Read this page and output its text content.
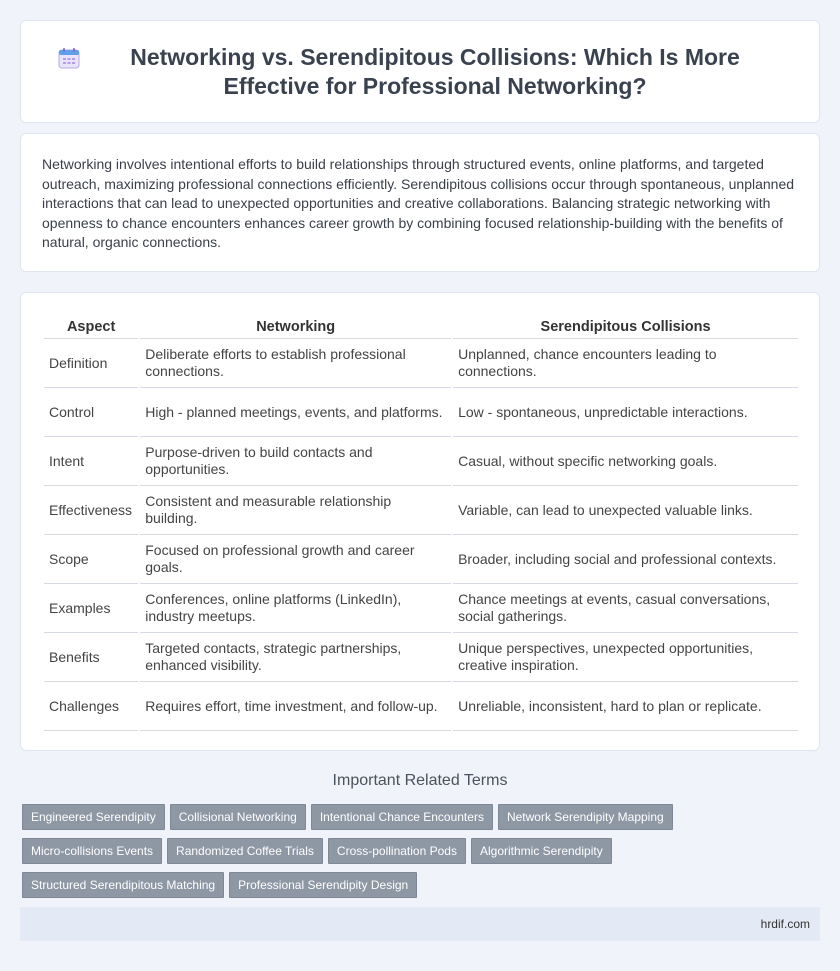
Networking vs. Serendipitous Collisions: Which Is More Effective for Professional Networking?

Networking involves intentional efforts to build relationships through structured events, online platforms, and targeted outreach, maximizing professional connections efficiently. Serendipitous collisions occur through spontaneous, unplanned interactions that can lead to unexpected opportunities and creative collaborations. Balancing strategic networking with openness to chance encounters enhances career growth by combining focused relationship-building with the benefits of natural, organic connections.

Aspect	Networking	Serendipitous Collisions
Definition	Deliberate efforts to establish professional connections.	Unplanned, chance encounters leading to connections.
Control	High - planned meetings, events, and platforms.	Low - spontaneous, unpredictable interactions.
Intent	Purpose-driven to build contacts and opportunities.	Casual, without specific networking goals.
Effectiveness	Consistent and measurable relationship building.	Variable, can lead to unexpected valuable links.
Scope	Focused on professional growth and career goals.	Broader, including social and professional contexts.
Examples	Conferences, online platforms (LinkedIn), industry meetups.	Chance meetings at events, casual conversations, social gatherings.
Benefits	Targeted contacts, strategic partnerships, enhanced visibility.	Unique perspectives, unexpected opportunities, creative inspiration.
Challenges	Requires effort, time investment, and follow-up.	Unreliable, inconsistent, hard to plan or replicate.
Important Related Terms
Engineered Serendipity Collisional Networking Intentional Chance Encounters Network Serendipity MappingMicro-collisions Events Randomized Coffee Trials Cross-pollination Pods Algorithmic SerendipityStructured Serendipitous Matching Professional Serendipity Design
hrdif.com
